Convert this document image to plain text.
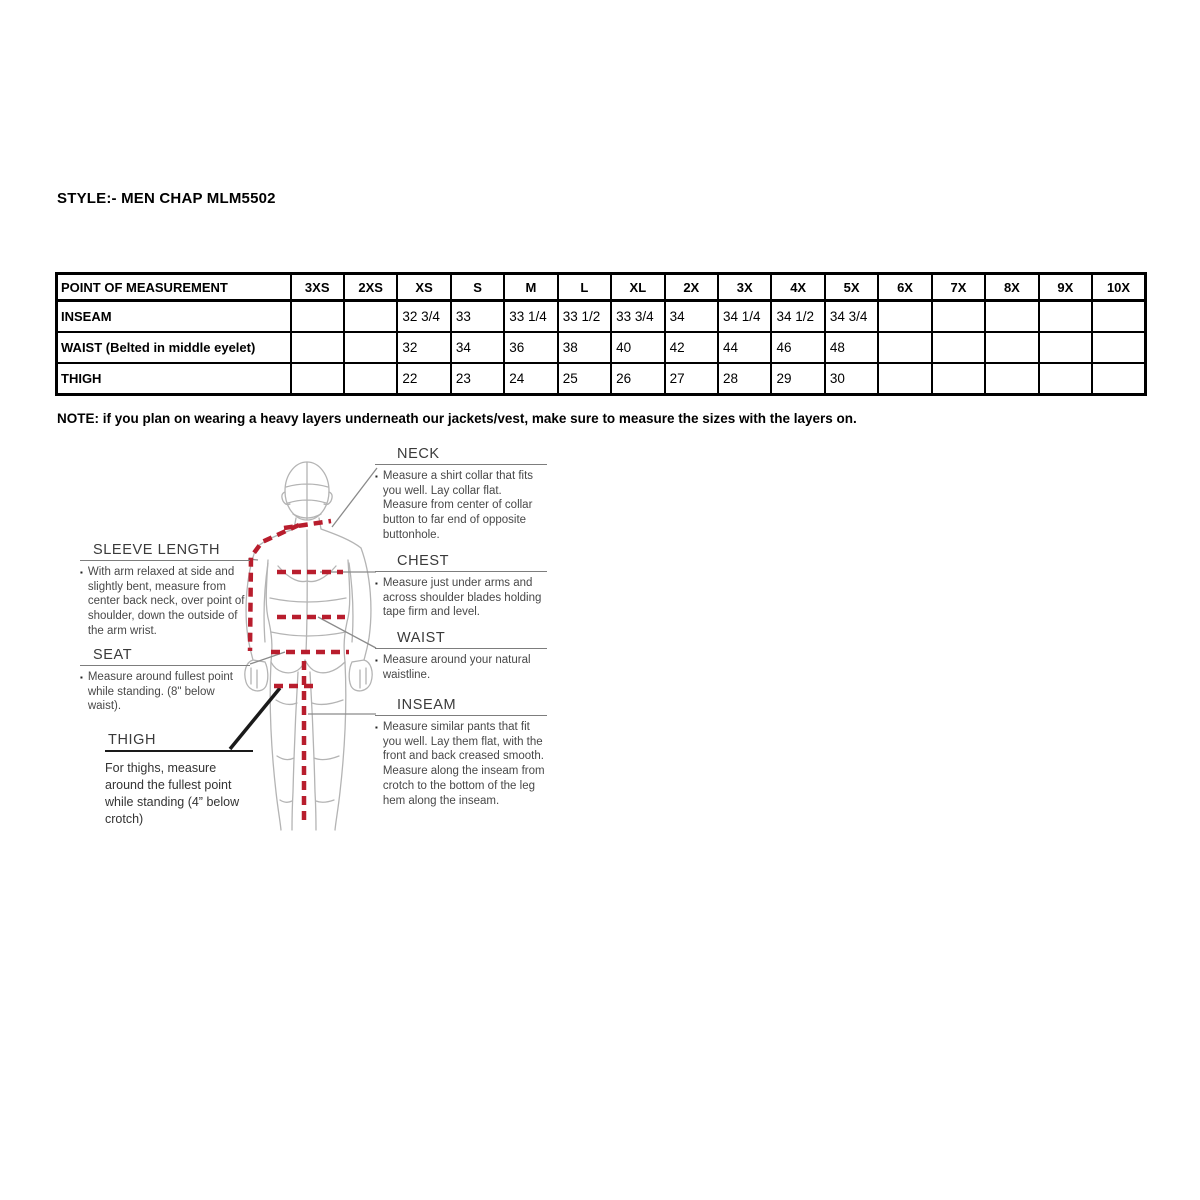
STYLE:- MEN CHAP MLM5502
POINT OF MEASUREMENT	3XS	2XS	XS	S	M	L	XL	2X	3X	4X	5X	6X	7X	8X	9X	10X
INSEAM			32 3/4	33	33 1/4	33 1/2	33 3/4	34	34 1/4	34 1/2	34 3/4					
WAIST (Belted in middle eyelet)			32	34	36	38	40	42	44	46	48					
THIGH			22	23	24	25	26	27	28	29	30					
NOTE: if you plan on wearing a heavy layers underneath our jackets/vest, make sure to measure the sizes with the layers on.
NECK
▪ Measure a shirt collar that fits you well. Lay collar flat. Measure from center of collar button to far end of opposite buttonhole.
CHEST
▪ Measure just under arms and across shoulder blades holding tape firm and level.
WAIST
▪ Measure around your natural waistline.
INSEAM
▪ Measure similar pants that fit you well. Lay them flat, with the front and back creased smooth. Measure along the inseam from crotch to the bottom of the leg hem along the inseam.
SLEEVE LENGTH
▪ With arm relaxed at side and slightly bent, measure from center back neck, over point of shoulder, down the outside of the arm wrist.
SEAT
▪ Measure around fullest point while standing. (8" below waist).
THIGH
For thighs, measure around the fullest point while standing (4” below crotch)
